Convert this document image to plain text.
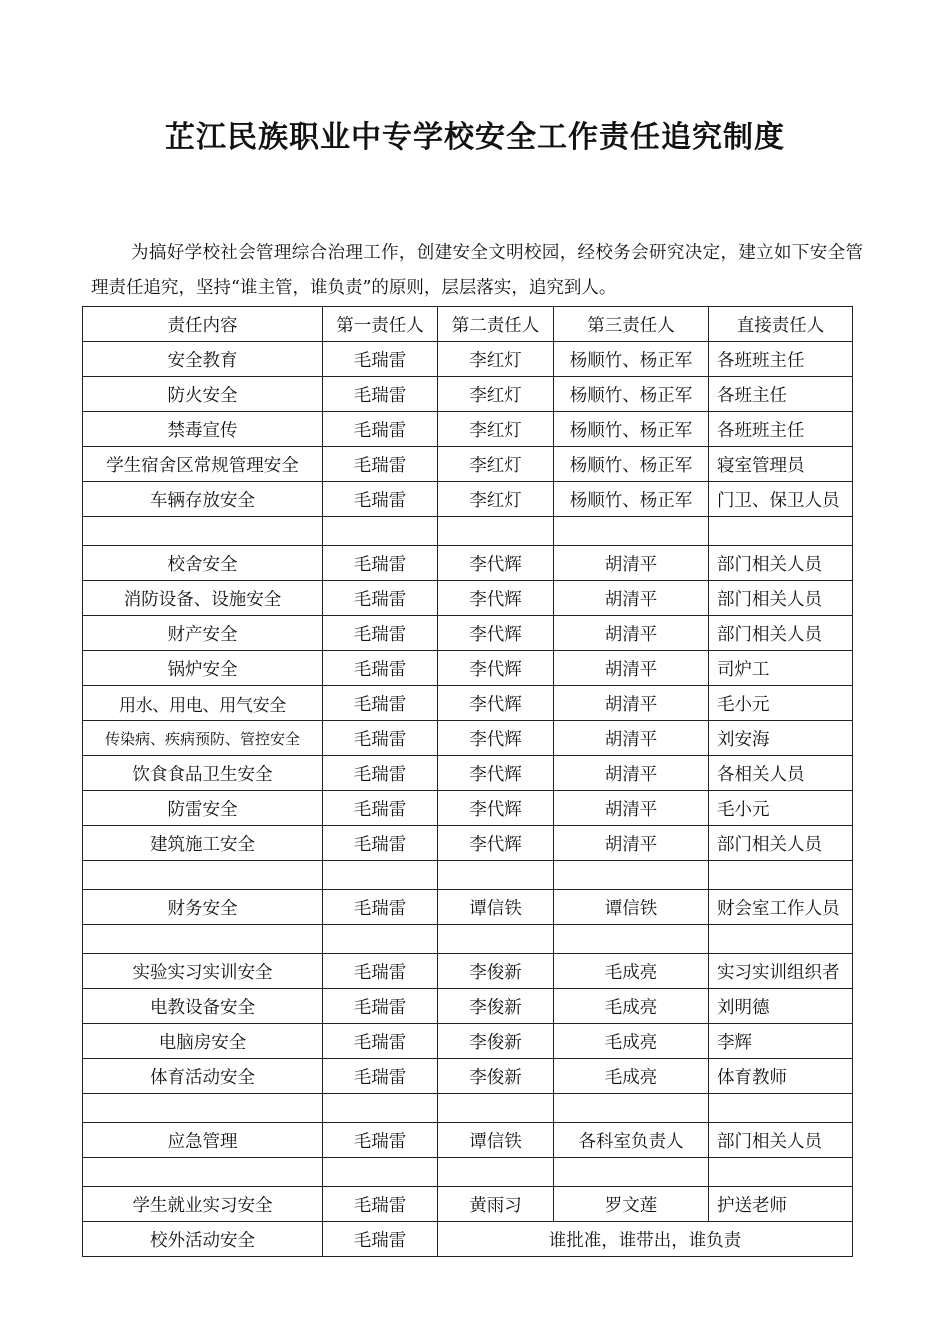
芷江民族职业中专学校安全工作责任追究制度

为搞好学校社会管理综合治理工作，创建安全文明校园，经校务会研究决定，建立如下安全管理责任追究，坚持“谁主管，谁负责”的原则，层层落实，追究到人。

责任内容	第一责任人	第二责任人	第三责任人	直接责任人
安全教育	毛瑞雷	李红灯	杨顺竹、杨正军	各班班主任
防火安全	毛瑞雷	李红灯	杨顺竹、杨正军	各班主任
禁毒宣传	毛瑞雷	李红灯	杨顺竹、杨正军	各班班主任
学生宿舍区常规管理安全	毛瑞雷	李红灯	杨顺竹、杨正军	寝室管理员
车辆存放安全	毛瑞雷	李红灯	杨顺竹、杨正军	门卫、保卫人员

校舍安全	毛瑞雷	李代辉	胡清平	部门相关人员
消防设备、设施安全	毛瑞雷	李代辉	胡清平	部门相关人员
财产安全	毛瑞雷	李代辉	胡清平	部门相关人员
锅炉安全	毛瑞雷	李代辉	胡清平	司炉工
用水、用电、用气安全	毛瑞雷	李代辉	胡清平	毛小元
传染病、疾病预防、管控安全	毛瑞雷	李代辉	胡清平	刘安海
饮食食品卫生安全	毛瑞雷	李代辉	胡清平	各相关人员
防雷安全	毛瑞雷	李代辉	胡清平	毛小元
建筑施工安全	毛瑞雷	李代辉	胡清平	部门相关人员

财务安全	毛瑞雷	谭信铁	谭信铁	财会室工作人员

实验实习实训安全	毛瑞雷	李俊新	毛成亮	实习实训组织者
电教设备安全	毛瑞雷	李俊新	毛成亮	刘明德
电脑房安全	毛瑞雷	李俊新	毛成亮	李辉
体育活动安全	毛瑞雷	李俊新	毛成亮	体育教师

应急管理	毛瑞雷	谭信铁	各科室负责人	部门相关人员

学生就业实习安全	毛瑞雷	黄雨习	罗文莲	护送老师
校外活动安全	毛瑞雷	谁批准，谁带出，谁负责		
